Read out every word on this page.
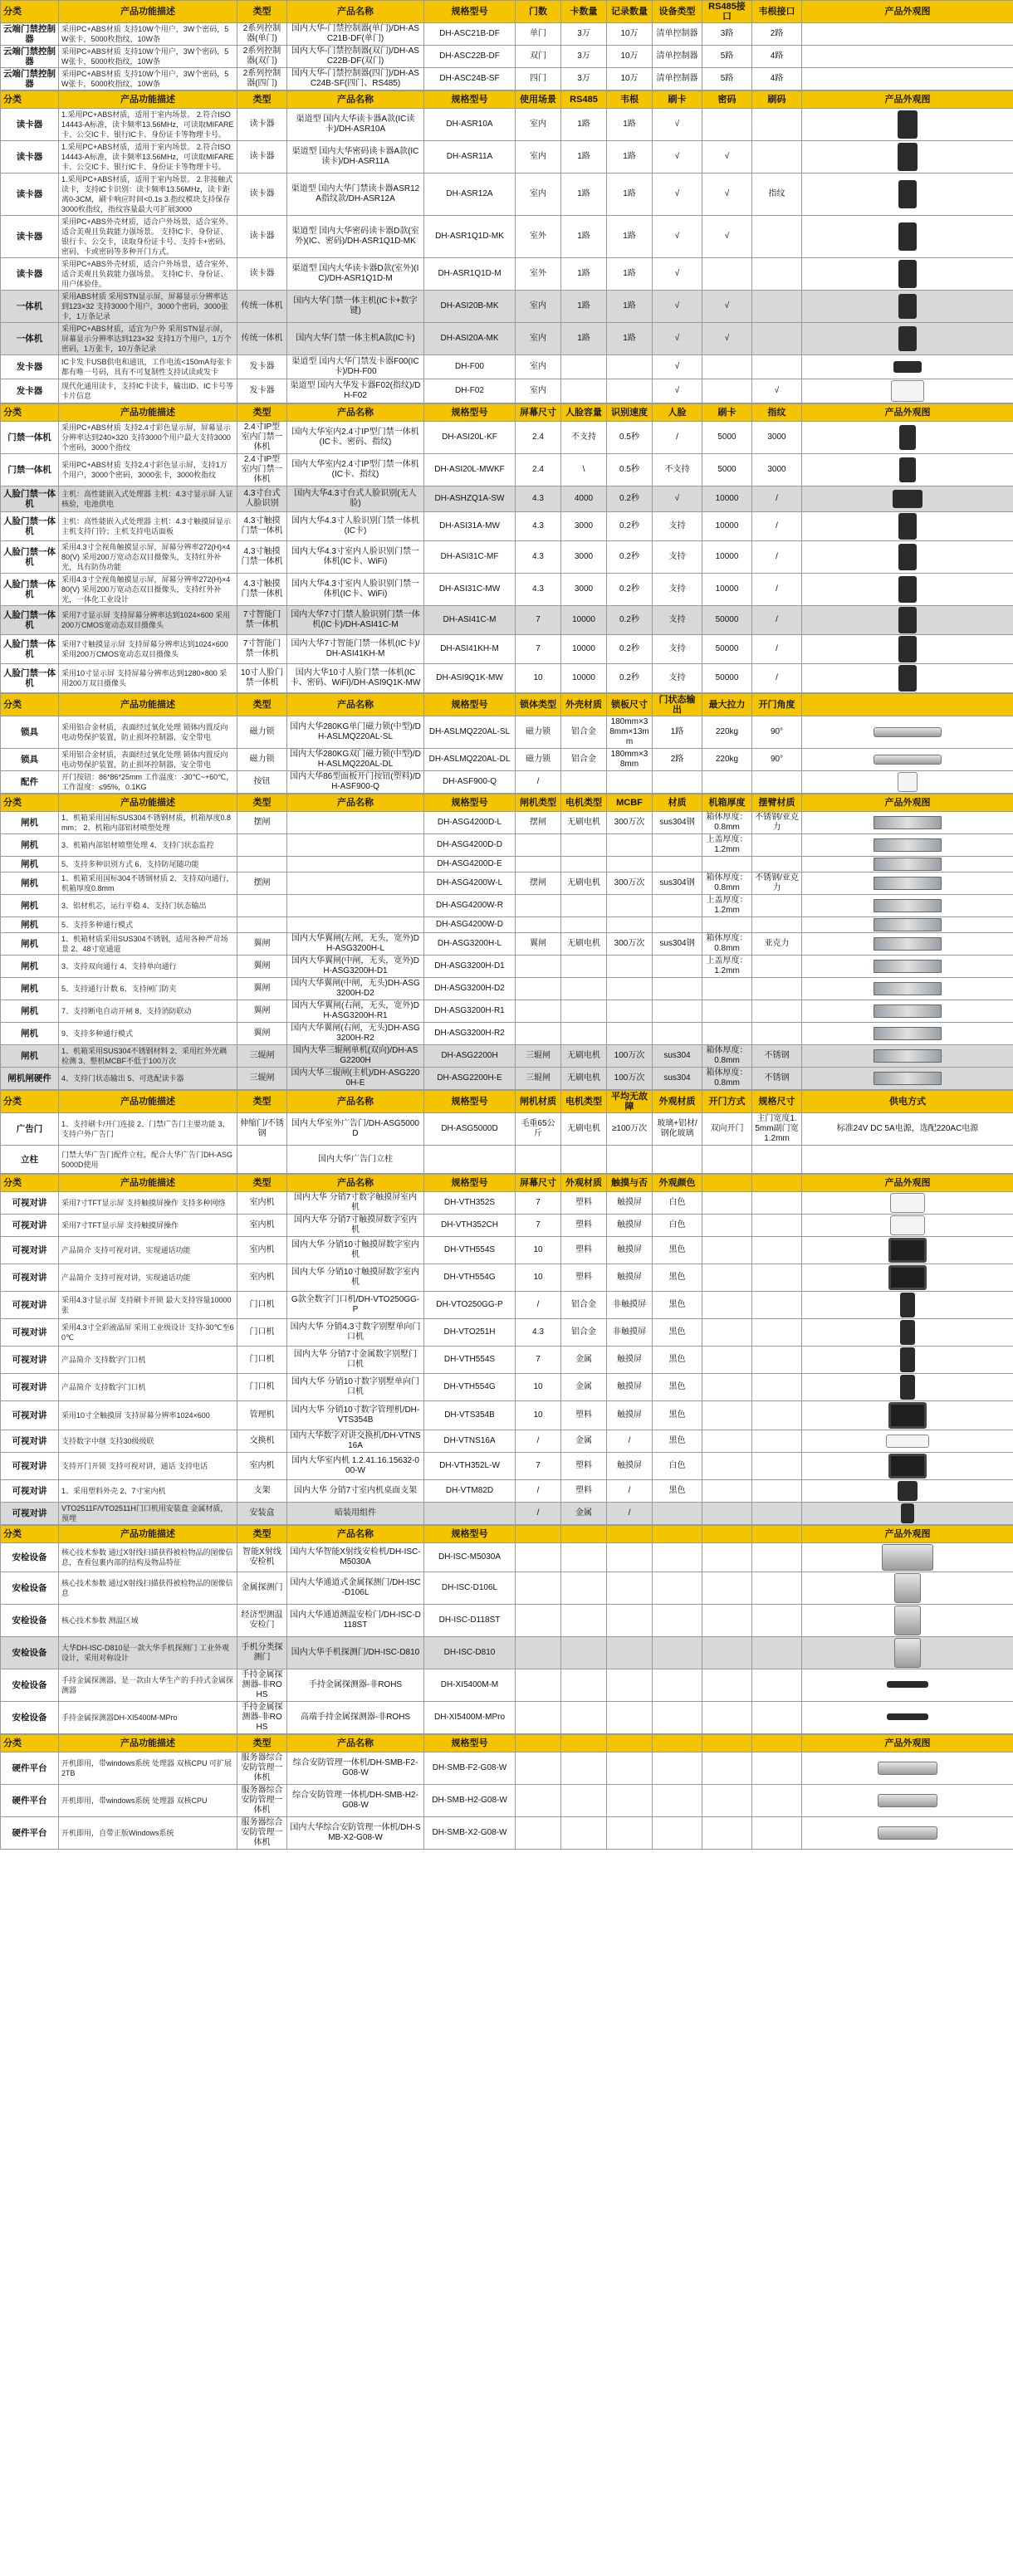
分类	产品功能描述	类型	产品名称	规格型号	门数	卡数量	记录数量	设备类型	RS485接口	韦根接口	产品外观图
云端门禁控制器	采用PC+ABS材质 支持10W个用户，3W个密码，5W张卡，5000枚指纹，10W条	2系列控制器(单门)	国内大华-门禁控制器(单门)/DH-ASC21B-DF(单门)	DH-ASC21B-DF	单门	3万	10万	清单控制器	3路	2路	
云端门禁控制器	采用PC+ABS材质 支持10W个用户，3W个密码，5W张卡，5000枚指纹，10W条	2系列控制器(双门)	国内大华-门禁控制器(双门)/DH-ASC22B-DF(双门)	DH-ASC22B-DF	双门	3万	10万	清单控制器	5路	4路	
云端门禁控制器	采用PC+ABS材质 支持10W个用户，3W个密码，5W张卡，5000枚指纹，10W条	2系列控制器(四门)	国内大华-门禁控制器(四门)/DH-ASC24B-SF(四门、RS485)	DH-ASC24B-SF	四门	3万	10万	清单控制器	5路	4路	
分类	产品功能描述	类型	产品名称	规格型号	使用场景	RS485	韦根	刷卡	密码	刷码	产品外观图
读卡器	1.采用PC+ABS材质，适用于室内场景。 2.符合ISO 14443-A标准，读卡频率13.56MHz，可读取MIFARE卡、公交IC卡、银行IC卡、身份证卡等物理卡号。	读卡器	渠道型 国内大华读卡器A款(IC读卡)/DH-ASR10A	DH-ASR10A	室内	1路	1路	√			
读卡器	1.采用PC+ABS材质，适用于室内场景。 2.符合ISO 14443-A标准，读卡频率13.56MHz，可读取MIFARE卡、公交IC卡、银行IC卡、身份证卡等物理卡号。	读卡器	渠道型 国内大华密码读卡器A款(IC读卡)/DH-ASR11A	DH-ASR11A	室内	1路	1路	√	√		
读卡器	1.采用PC+ABS材质，适用于室内场景。 2.非接触式读卡，支持IC卡识别：读卡频率13.56MHz，读卡距离0-3CM，刷卡响应时间<0.1s 3.指纹模块支持保存3000枚指纹，指纹容量最大可扩展3000	读卡器	渠道型 国内大华门禁读卡器ASR12A指纹款/DH-ASR12A	DH-ASR12A	室内	1路	1路	√	√	指纹	
读卡器	采用PC+ABS外壳材质，适合户外场景，适合室外、适合美观且负载能力强场景。 支持IC卡、身份证、银行卡、公交卡，读取身份证卡号、支持卡+密码、密码、卡或密码等多种开门方式。	读卡器	渠道型 国内大华密码读卡器D款(室外)(IC、密码)/DH-ASR1Q1D-MK	DH-ASR1Q1D-MK	室外	1路	1路	√	√		
读卡器	采用PC+ABS外壳材质，适合户外场景，适合室外、适合美观且负载能力强场景。 支持IC卡、身份证、用户体验佳。	读卡器	渠道型 国内大华读卡器D款(室外)(IC)/DH-ASR1Q1D-M	DH-ASR1Q1D-M	室外	1路	1路	√			
一体机	采用ABS材质 采用STN显示屏，屏幕显示分辨率达到123×32 支持3000个用户，3000个密码，3000张卡，1万条记录	传统一体机	国内大华门禁一体主机(IC卡+数字键)	DH-ASI20B-MK	室内	1路	1路	√	√		
一体机	采用PC+ABS材质，适宜为户外 采用STN显示屏，屏幕显示分辨率达到123×32 支持1万个用户，1万个密码，1万张卡，10万条记录	传统一体机	国内大华门禁一体主机A款(IC卡)	DH-ASI20A-MK	室内	1路	1路	√	√		
发卡器	IC卡发卡USB供电和通讯，工作电流<150mA每张卡都有唯一号码，具有不可复制性支持试读或发卡	发卡器	渠道型 国内大华门禁发卡器F00(IC卡)/DH-F00	DH-F00	室内			√			
发卡器	现代化通用读卡，支持IC卡读卡，输出ID、IC卡号等卡片信息	发卡器	渠道型 国内大华发卡器F02(指纹)/DH-F02	DH-F02	室内			√		√	
分类	产品功能描述	类型	产品名称	规格型号	屏幕尺寸	人脸容量	识别速度	人脸	刷卡	指纹	产品外观图
门禁一体机	采用PC+ABS材质 支持2.4寸彩色显示屏，屏幕显示分辨率达到240×320 支持3000个用户最大支持3000个密码，3000个指纹	2.4寸IP型室内门禁一体机	国内大华室内2.4寸IP型门禁一体机(IC卡、密码、指纹)	DH-ASI20L-KF	2.4	不支持	0.5秒	/	5000	3000	
门禁一体机	采用PC+ABS材质 支持2.4寸彩色显示屏，支持1万个用户，3000个密码，3000张卡，3000枚指纹	2.4寸IP型室内门禁一体机	国内大华室内2.4寸IP型门禁一体机(IC卡、指纹)	DH-ASI20L-MWKF	2.4	\	0.5秒	不支持	5000	3000	
人脸门禁一体机	主机：高性能嵌入式处理器 主机：4.3寸显示屏 人证核验，电池供电	4.3寸台式人脸识别	国内大华4.3寸台式人脸识别(无人脸)	DH-ASHZQ1A-SW	4.3	4000	0.2秒	√	10000	/	
人脸门禁一体机	主机：高性能嵌入式处理器 主机：4.3寸触摸屏显示 主机支持门铃；主机支持电话面板	4.3寸触摸门禁一体机	国内大华4.3寸人脸识别门禁一体机(IC卡)	DH-ASI31A-MW	4.3	3000	0.2秒	支持	10000	/	
人脸门禁一体机	采用4.3寸全视角触摸显示屏，屏幕分辨率272(H)×480(V) 采用200万宽动态双目摄像头，支持红外补光，具有防伪功能	4.3寸触摸门禁一体机	国内大华4.3寸室内人脸识别门禁一体机(IC卡、WiFi)	DH-ASI31C-MF	4.3	3000	0.2秒	支持	10000	/	
人脸门禁一体机	采用4.3寸全视角触摸显示屏，屏幕分辨率272(H)×480(V) 采用200万宽动态双目摄像头，支持红外补光，一体化工业设计	4.3寸触摸门禁一体机	国内大华4.3寸室内人脸识别门禁一体机(IC卡、WiFi)	DH-ASI31C-MW	4.3	3000	0.2秒	支持	10000	/	
人脸门禁一体机	采用7寸显示屏 支持屏幕分辨率达到1024×600 采用200万CMOS宽动态双目摄像头	7寸智能门禁一体机	国内大华7寸门禁人脸识别门禁一体机(IC卡)/DH-ASI41C-M	DH-ASI41C-M	7	10000	0.2秒	支持	50000	/	
人脸门禁一体机	采用7寸触摸显示屏 支持屏幕分辨率达到1024×600 采用200万CMOS宽动态双目摄像头	7寸智能门禁一体机	国内大华7寸智能门禁一体机(IC卡)/DH-ASI41KH-M	DH-ASI41KH-M	7	10000	0.2秒	支持	50000	/	
人脸门禁一体机	采用10寸显示屏 支持屏幕分辨率达到1280×800 采用200万双目摄像头	10寸人脸门禁一体机	国内大华10寸人脸门禁一体机(IC卡、密码、WiFi)/DH-ASI9Q1K-MW	DH-ASI9Q1K-MW	10	10000	0.2秒	支持	50000	/	
分类	产品功能描述	类型	产品名称	规格型号	锁体类型	外壳材质	锁板尺寸	门状态输出	最大拉力	开门角度	
锁具	采用铝合金材质，表面经过氧化处理 锁体内置反向电动势保护装置，防止损坏控制器，安全带电	磁力锁	国内大华280KG单门磁力锁(中型)/DH-ASLMQ220AL-SL	DH-ASLMQ220AL-SL	磁力锁	铝合金	180mm×38mm×13mm	1路	220kg	90°	
锁具	采用铝合金材质，表面经过氧化处理 锁体内置反向电动势保护装置，防止损坏控制器，安全带电	磁力锁	国内大华280KG双门磁力锁(中型)/DH-ASLMQ220AL-DL	DH-ASLMQ220AL-DL	磁力锁	铝合金	180mm×38mm	2路	220kg	90°	
配件	开门按钮：86*86*25mm 工作温度：-30℃~+60℃，工作湿度：≤95%，0.1KG	按钮	国内大华86型面板开门按钮(塑料)/DH-ASF900-Q	DH-ASF900-Q	/						
分类	产品功能描述	类型	产品名称	规格型号	闸机类型	电机类型	MCBF	材质	机箱厚度	摆臂材质	产品外观图
闸机	1、机箱采用国标SUS304不锈钢材质，机箱厚度0.8mm； 2、机箱内部铝材喷塑处理	摆闸		DH-ASG4200D-L	摆闸	无刷电机	300万次	sus304钢	箱体厚度：0.8mm	不锈钢/亚克力	
闸机	3、机箱内部铝材喷塑处理 4、支持门状态监控			DH-ASG4200D-D					上盖厚度：1.2mm		
闸机	5、支持多种识别方式 6、支持防尾随功能			DH-ASG4200D-E							
闸机	1、机箱采用国标304不锈钢材质 2、支持双向通行，机箱厚度0.8mm	摆闸		DH-ASG4200W-L	摆闸	无刷电机	300万次	sus304钢	箱体厚度：0.8mm	不锈钢/亚克力	
闸机	3、铝材机芯，运行平稳 4、支持门状态输出			DH-ASG4200W-R					上盖厚度：1.2mm		
闸机	5、支持多种通行模式			DH-ASG4200W-D							
闸机	1、机箱材质采用SUS304不锈钢，适用各种严苛场景 2、48寸宽通道	翼闸	国内大华翼闸(左闸，无头，宽外)DH-ASG3200H-L	DH-ASG3200H-L	翼闸	无刷电机	300万次	sus304钢	箱体厚度：0.8mm	亚克力	
闸机	3、支持双向通行 4、支持单向通行	翼闸	国内大华翼闸(中闸，无头，宽外)DH-ASG3200H-D1	DH-ASG3200H-D1					上盖厚度：1.2mm		
闸机	5、支持通行计数 6、支持闸门防夹	翼闸	国内大华翼闸(中闸，无头)DH-ASG3200H-D2	DH-ASG3200H-D2							
闸机	7、支持断电自动开闸 8、支持消防联动	翼闸	国内大华翼闸(右闸，无头，宽外)DH-ASG3200H-R1	DH-ASG3200H-R1							
闸机	9、支持多种通行模式	翼闸	国内大华翼闸(右闸，无头)DH-ASG3200H-R2	DH-ASG3200H-R2							
闸机	1、机箱采用SUS304不锈钢材料 2、采用红外光耦检测 3、整机MCBF不低于100万次	三辊闸	国内大华三辊闸单机(双向)/DH-ASG2200H	DH-ASG2200H	三辊闸	无刷电机	100万次	sus304	箱体厚度：0.8mm	不锈钢	
闸机闸硬件	4、支持门状态输出 5、可选配读卡器	三辊闸	国内大华三辊闸(主机)/DH-ASG2200H-E	DH-ASG2200H-E	三辊闸	无刷电机	100万次	sus304	箱体厚度：0.8mm	不锈钢	
分类	产品功能描述	类型	产品名称	规格型号	闸机材质	电机类型	平均无故障	外观材质	开门方式	规格尺寸	供电方式
广告门	1、支持刷卡/开门连接 2、门禁广告门主要功能 3、支持户外广告门	伸缩门/不锈钢	国内大华室外广告门/DH-ASG5000D	DH-ASG5000D	毛重65公斤	无刷电机	≥100万次	玻璃+铝材/钢化玻璃	双向开门	主门宽度1.5mm副门宽1.2mm	标准24V DC 5A电源，选配220AC电源
立柱	门禁大华广告门配件立柱，配合大华广告门DH-ASG5000D使用		国内大华广告门立柱								
分类	产品功能描述	类型	产品名称	规格型号	屏幕尺寸	外观材质	触摸与否	外观颜色			产品外观图
可视对讲	采用7寸TFT显示屏 支持触摸屏操作 支持多种网络	室内机	国内大华 分销7寸数字触摸屏室内机	DH-VTH352S	7	塑料	触摸屏	白色			
可视对讲	采用7寸TFT显示屏 支持触摸屏操作	室内机	国内大华 分销7寸触摸屏数字室内机	DH-VTH352CH	7	塑料	触摸屏	白色			
可视对讲	产品简介 支持可视对讲，实现通话功能	室内机	国内大华 分销10寸触摸屏数字室内机	DH-VTH554S	10	塑料	触摸屏	黑色			
可视对讲	产品简介 支持可视对讲，实现通话功能	室内机	国内大华 分销10寸触摸屏数字室内机	DH-VTH554G	10	塑料	触摸屏	黑色			
可视对讲	采用4.3寸显示屏 支持刷卡开锁 最大支持容量10000张	门口机	G款全数字门口机/DH-VTO250GG-P	DH-VTO250GG-P	/	铝合金	非触摸屏	黑色			
可视对讲	采用4.3寸全彩液晶屏 采用工业级设计 支持-30℃至60℃	门口机	国内大华 分销4.3寸数字别墅单向门口机	DH-VTO251H	4.3	铝合金	非触摸屏	黑色			
可视对讲	产品简介 支持数字门口机	门口机	国内大华 分销7寸金属数字别墅门口机	DH-VTH554S	7	金属	触摸屏	黑色			
可视对讲	产品简介 支持数字门口机	门口机	国内大华 分销10寸数字别墅单向门口机	DH-VTH554G	10	金属	触摸屏	黑色			
可视对讲	采用10寸全触摸屏 支持屏幕分辨率1024×600	管理机	国内大华 分销10寸数字管理机/DH-VTS354B	DH-VTS354B	10	塑料	触摸屏	黑色			
可视对讲	支持数字中继 支持30级级联	交换机	国内大华数字对讲交换机/DH-VTNS16A	DH-VTNS16A	/	金属	/	黑色			
可视对讲	支持开门开锁 支持可视对讲，通话 支持电话	室内机	国内大华室内机 1.2.41.16.15632-000-W	DH-VTH352L-W	7	塑料	触摸屏	白色			
可视对讲	1、采用塑料外壳 2、7寸室内机	支架	国内大华 分销7寸室内机桌面支架	DH-VTM82D	/	塑料	/	黑色			
可视对讲	VTO2511F/VTO2511H门口机用安装盒 金属材质，预埋	安装盒	暗装用组件		/	金属	/				
分类	产品功能描述	类型	产品名称	规格型号							产品外观图
安检设备	核心技术参数 通过X射线扫描获得被检物品的图像信息，查看包裹内部的结构及物品特征	智能X射线安检机	国内大华智能X射线安检机/DH-ISC-M5030A	DH-ISC-M5030A							
安检设备	核心技术参数 通过X射线扫描获得被检物品的图像信息	金属探测门	国内大华通道式金属探测门/DH-ISC-D106L	DH-ISC-D106L							
安检设备	核心技术参数 测温区域	经济型测温安检门	国内大华通道测温安检门/DH-ISC-D118ST	DH-ISC-D118ST							
安检设备	大华DH-ISC-D810是一款大华手机探测门 工业外观设计，采用对称设计	手机分类探测门	国内大华手机探测门/DH-ISC-D810	DH-ISC-D810							
安检设备	手持金属探测器，是一款由大华生产的手持式金属探测器	手持金属探测器-非ROHS	手持金属探测器-非ROHS	DH-XI5400M-M							
安检设备	手持金属探测器DH-XI5400M-MPro	手持金属探测器-非ROHS	高端手持金属探测器-非ROHS	DH-XI5400M-MPro							
分类	产品功能描述	类型	产品名称	规格型号							产品外观图
硬件平台	开机即用，带windows系统 处理器 双核CPU 可扩展2TB	服务器综合安防管理一体机	综合安防管理一体机/DH-SMB-F2-G08-W	DH-SMB-F2-G08-W							
硬件平台	开机即用，带windows系统 处理器 双核CPU	服务器综合安防管理一体机	综合安防管理一体机/DH-SMB-H2-G08-W	DH-SMB-H2-G08-W							
硬件平台	开机即用，自带正版Windows系统	服务器综合安防管理一体机	国内大华综合安防管理一体机/DH-SMB-X2-G08-W	DH-SMB-X2-G08-W							
